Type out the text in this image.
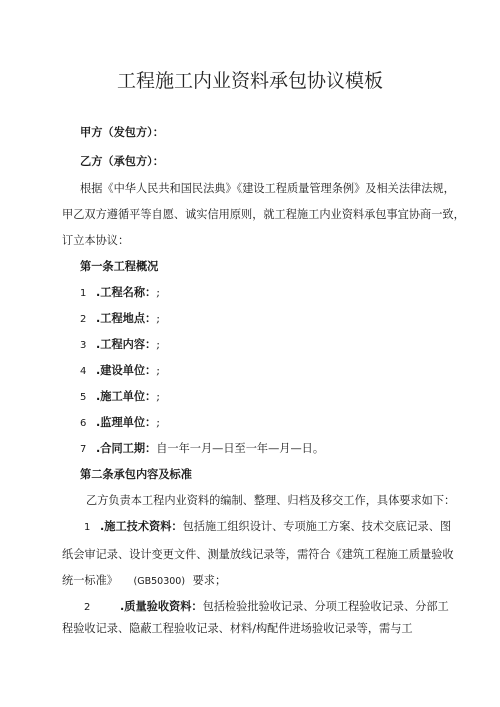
工程施工内业资料承包协议模板
甲方（发包方）：
乙方（承包方）：
根据《中华人民共和国民法典》《建设工程质量管理条例》及相关法律法规，
甲乙双方遵循平等自愿、诚实信用原则，就工程施工内业资料承包事宜协商一致，
订立本协议：
第一条工程概况
1 .工程名称：;
2 .工程地点：;
3 .工程内容：;
4 .建设单位：;
5 .施工单位：;
6 .监理单位：;
7 .合同工期：自一年一月—日至一年—月—日。
第二条承包内容及标准
乙方负责本工程内业资料的编制、整理、归档及移交工作，具体要求如下：
1 .施工技术资料：包括施工组织设计、专项施工方案、技术交底记录、图
纸会审记录、设计变更文件、测量放线记录等，需符合《建筑工程施工质量验收
统一标准》 (GB50300) 要求；
2	.质量验收资料：包括检验批验收记录、分项工程验收记录、分部工
程验收记录、隐蔽工程验收记录、材料/构配件进场验收记录等，需与工
